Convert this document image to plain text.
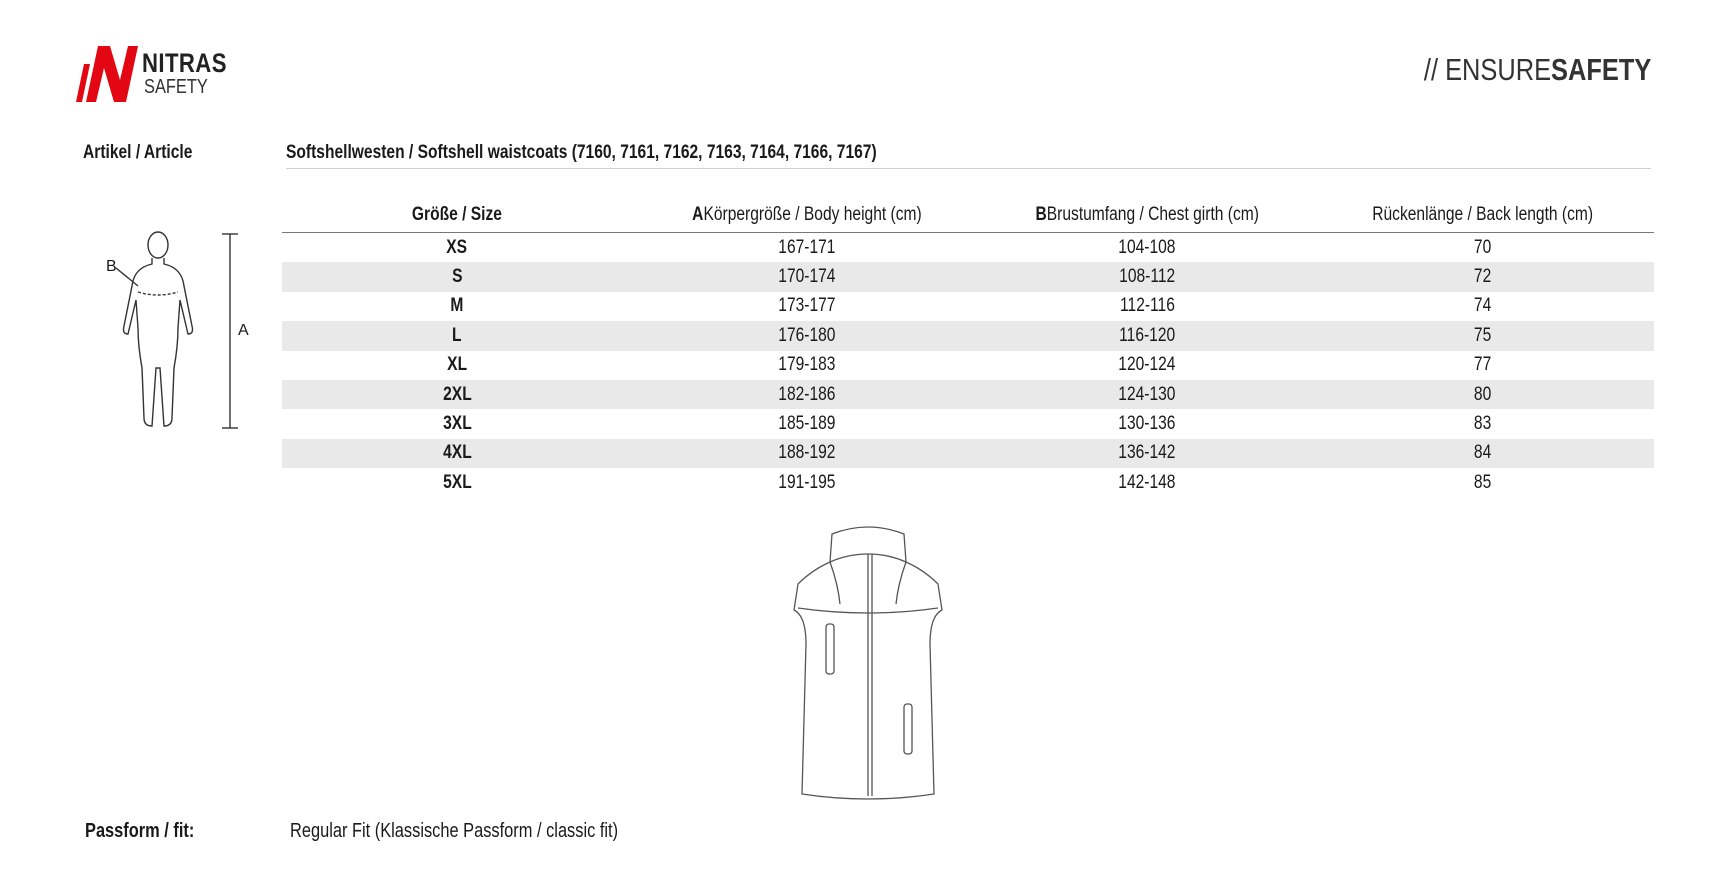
NITRAS
SAFETY	// ENSURESAFETY
Artikel / Article	Softshellwesten / Softshell waistcoats (7160, 7161, 7162, 7163, 7164, 7166, 7167)
B
A
Größe / Size	AKörpergröße / Body height (cm)	BBrustumfang / Chest girth (cm)	Rückenlänge / Back length (cm)
XS	167-171	104-108	70
S	170-174	108-112	72
M	173-177	112-116	74
L	176-180	116-120	75
XL	179-183	120-124	77
2XL	182-186	124-130	80
3XL	185-189	130-136	83
4XL	188-192	136-142	84
5XL	191-195	142-148	85
Passform / fit:	Regular Fit (Klassische Passform / classic fit)
